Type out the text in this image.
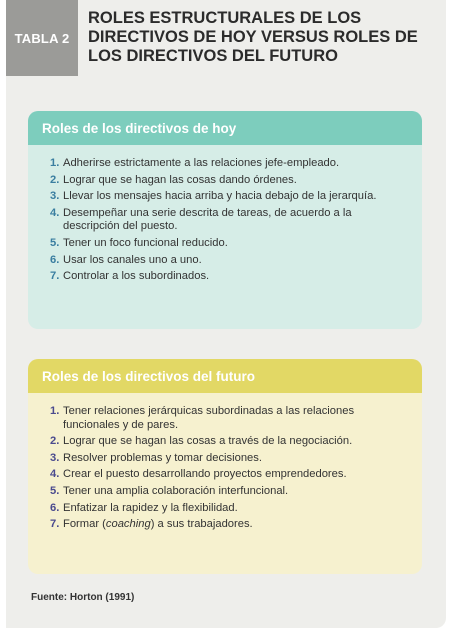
TABLA 2
ROLES ESTRUCTURALES DE LOS DIRECTIVOS DE HOY VERSUS ROLES DE LOS DIRECTIVOS DEL FUTURO
Roles de los directivos de hoy
1. Adherirse estrictamente a las relaciones jefe-empleado.
2. Lograr que se hagan las cosas dando órdenes.
3. Llevar los mensajes hacia arriba y hacia debajo de la jerarquía.
4. Desempeñar una serie descrita de tareas, de acuerdo a la descripción del puesto.
5. Tener un foco funcional reducido.
6. Usar los canales uno a uno.
7. Controlar a los subordinados.
Roles de los directivos del futuro
1. Tener relaciones jerárquicas subordinadas a las relaciones funcionales y de pares.
2. Lograr que se hagan las cosas a través de la negociación.
3. Resolver problemas y tomar decisiones.
4. Crear el puesto desarrollando proyectos emprendedores.
5. Tener una amplia colaboración interfuncional.
6. Enfatizar la rapidez y la flexibilidad.
7. Formar (coaching) a sus trabajadores.

Fuente: Horton (1991)
